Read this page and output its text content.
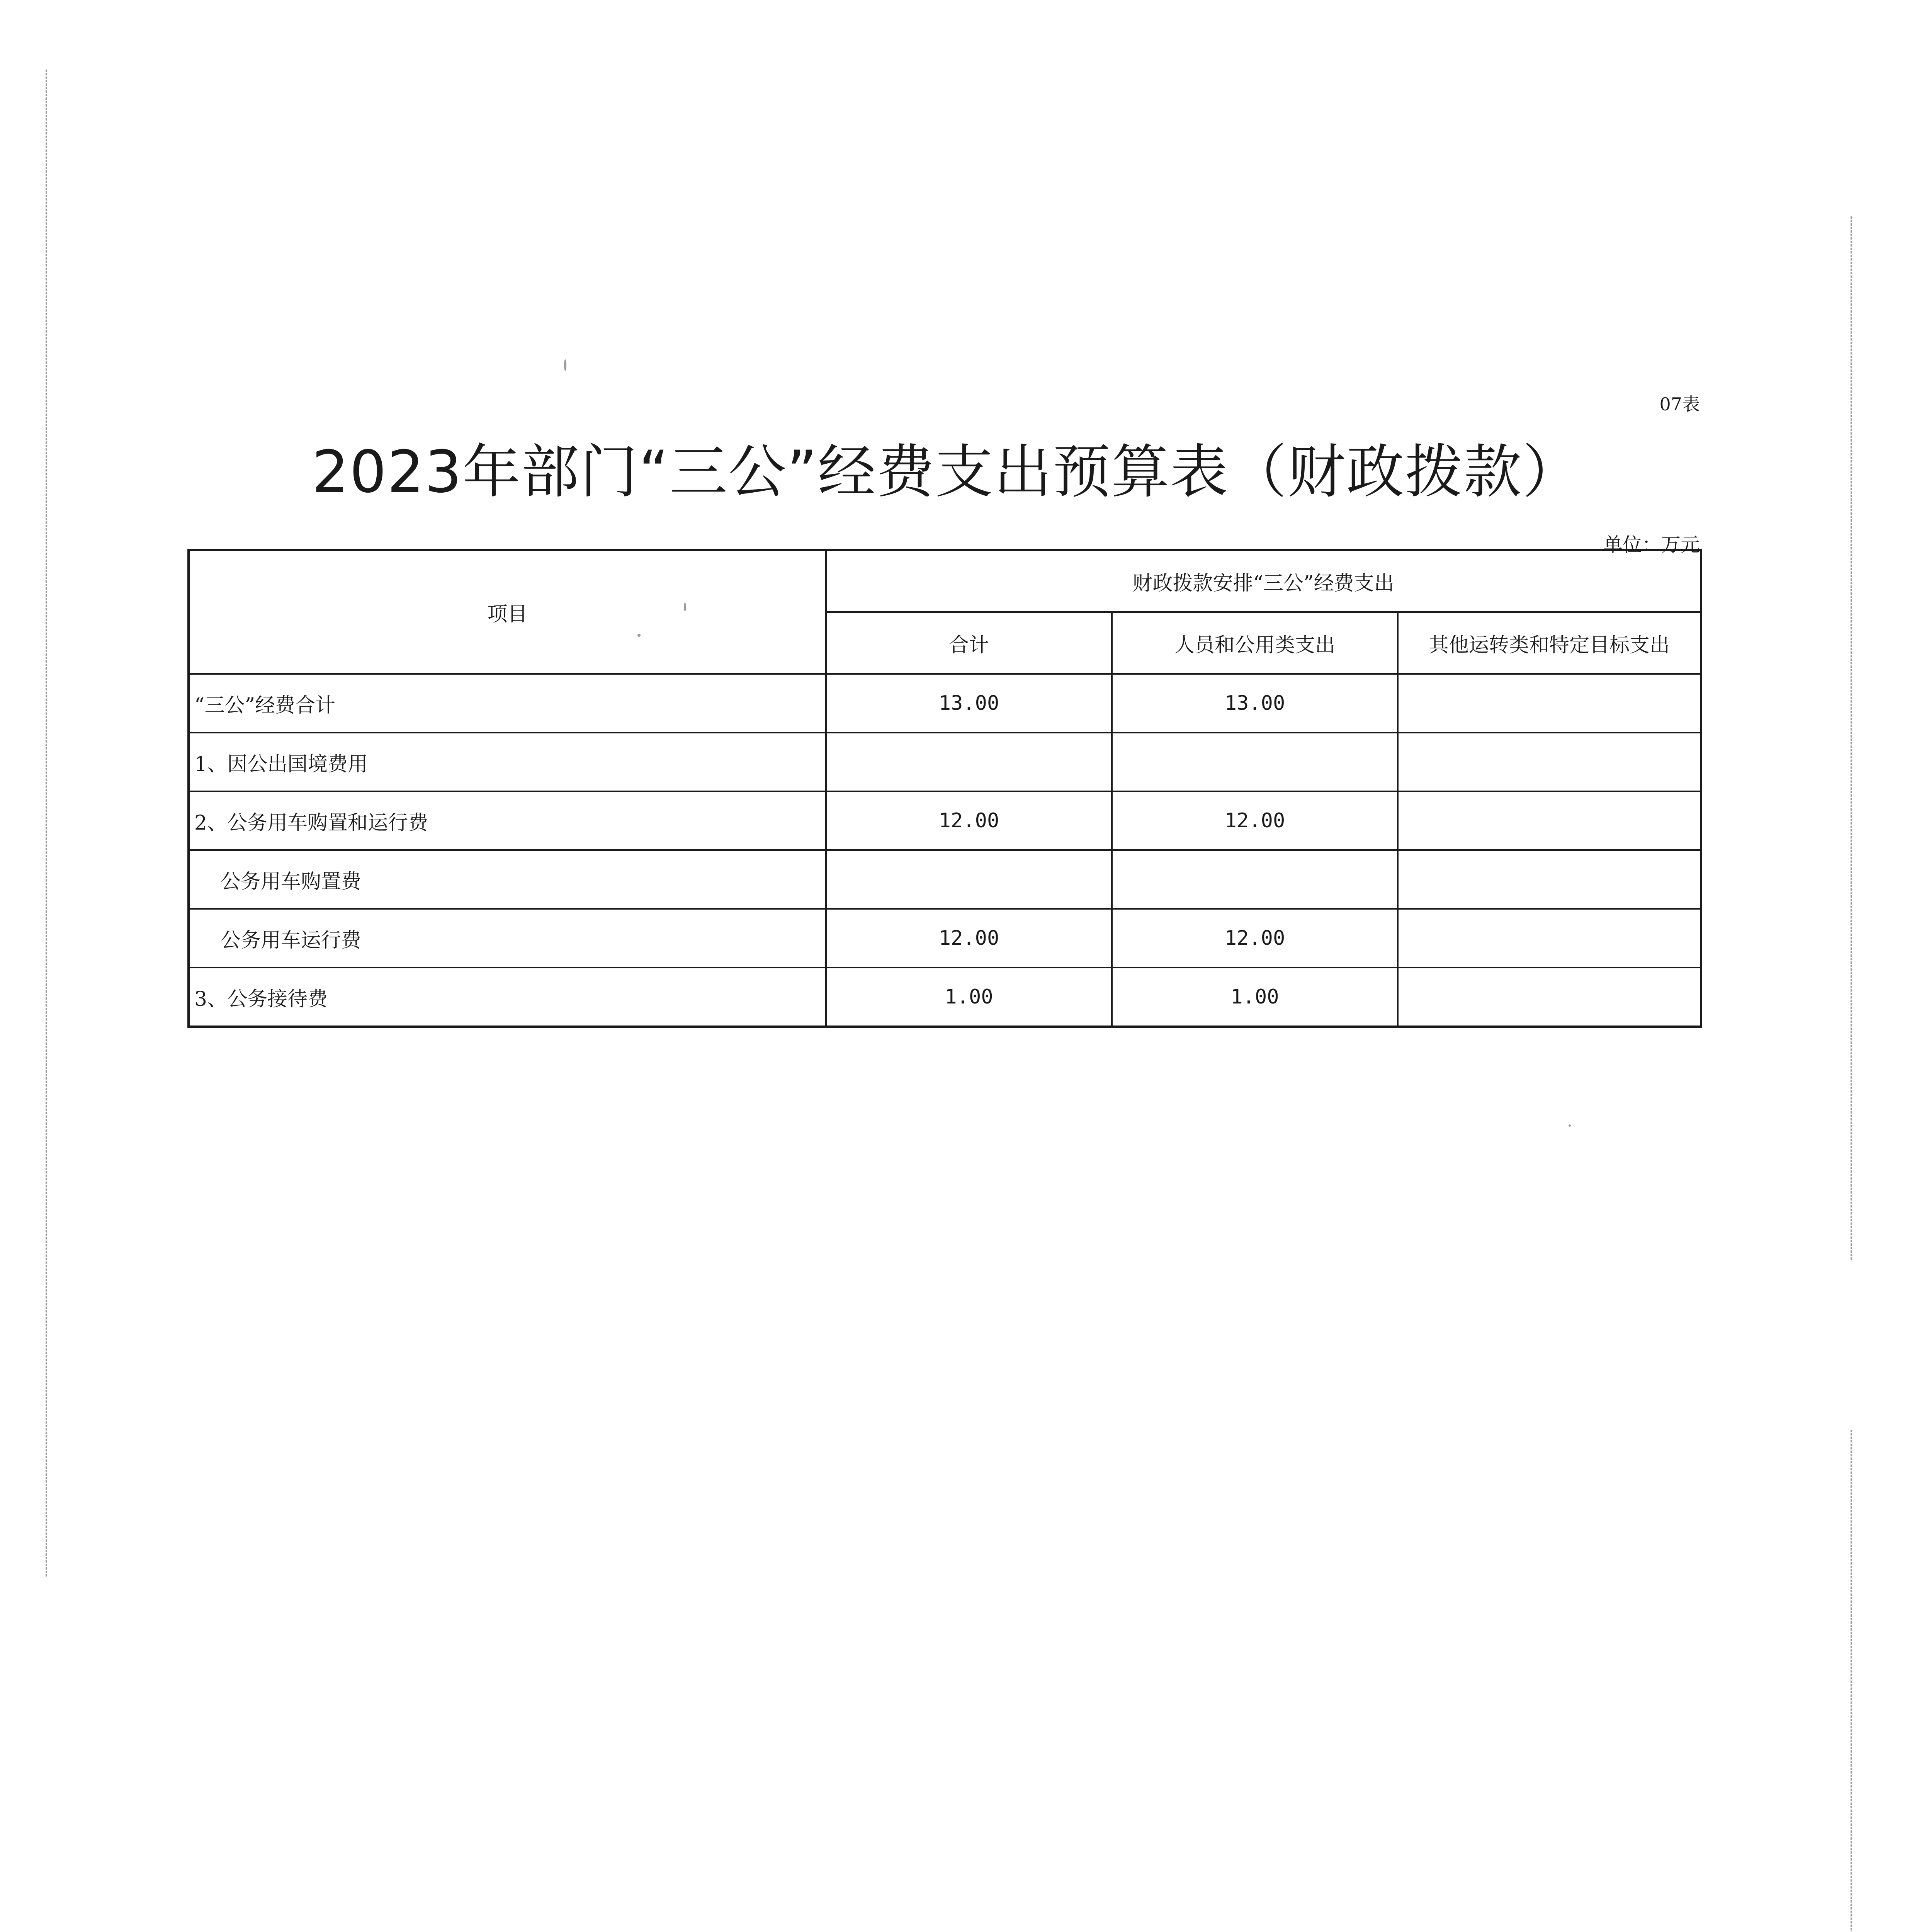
07表
2023年部门“三公”经费支出预算表（财政拨款）
单位：万元
项目	财政拨款安排“三公”经费支出		
	合计	人员和公用类支出	其他运转类和特定目标支出
“三公”经费合计	13.00	13.00	
1、因公出国境费用			
2、公务用车购置和运行费	12.00	12.00	
公务用车购置费			
公务用车运行费	12.00	12.00	
3、公务接待费	1.00	1.00	
